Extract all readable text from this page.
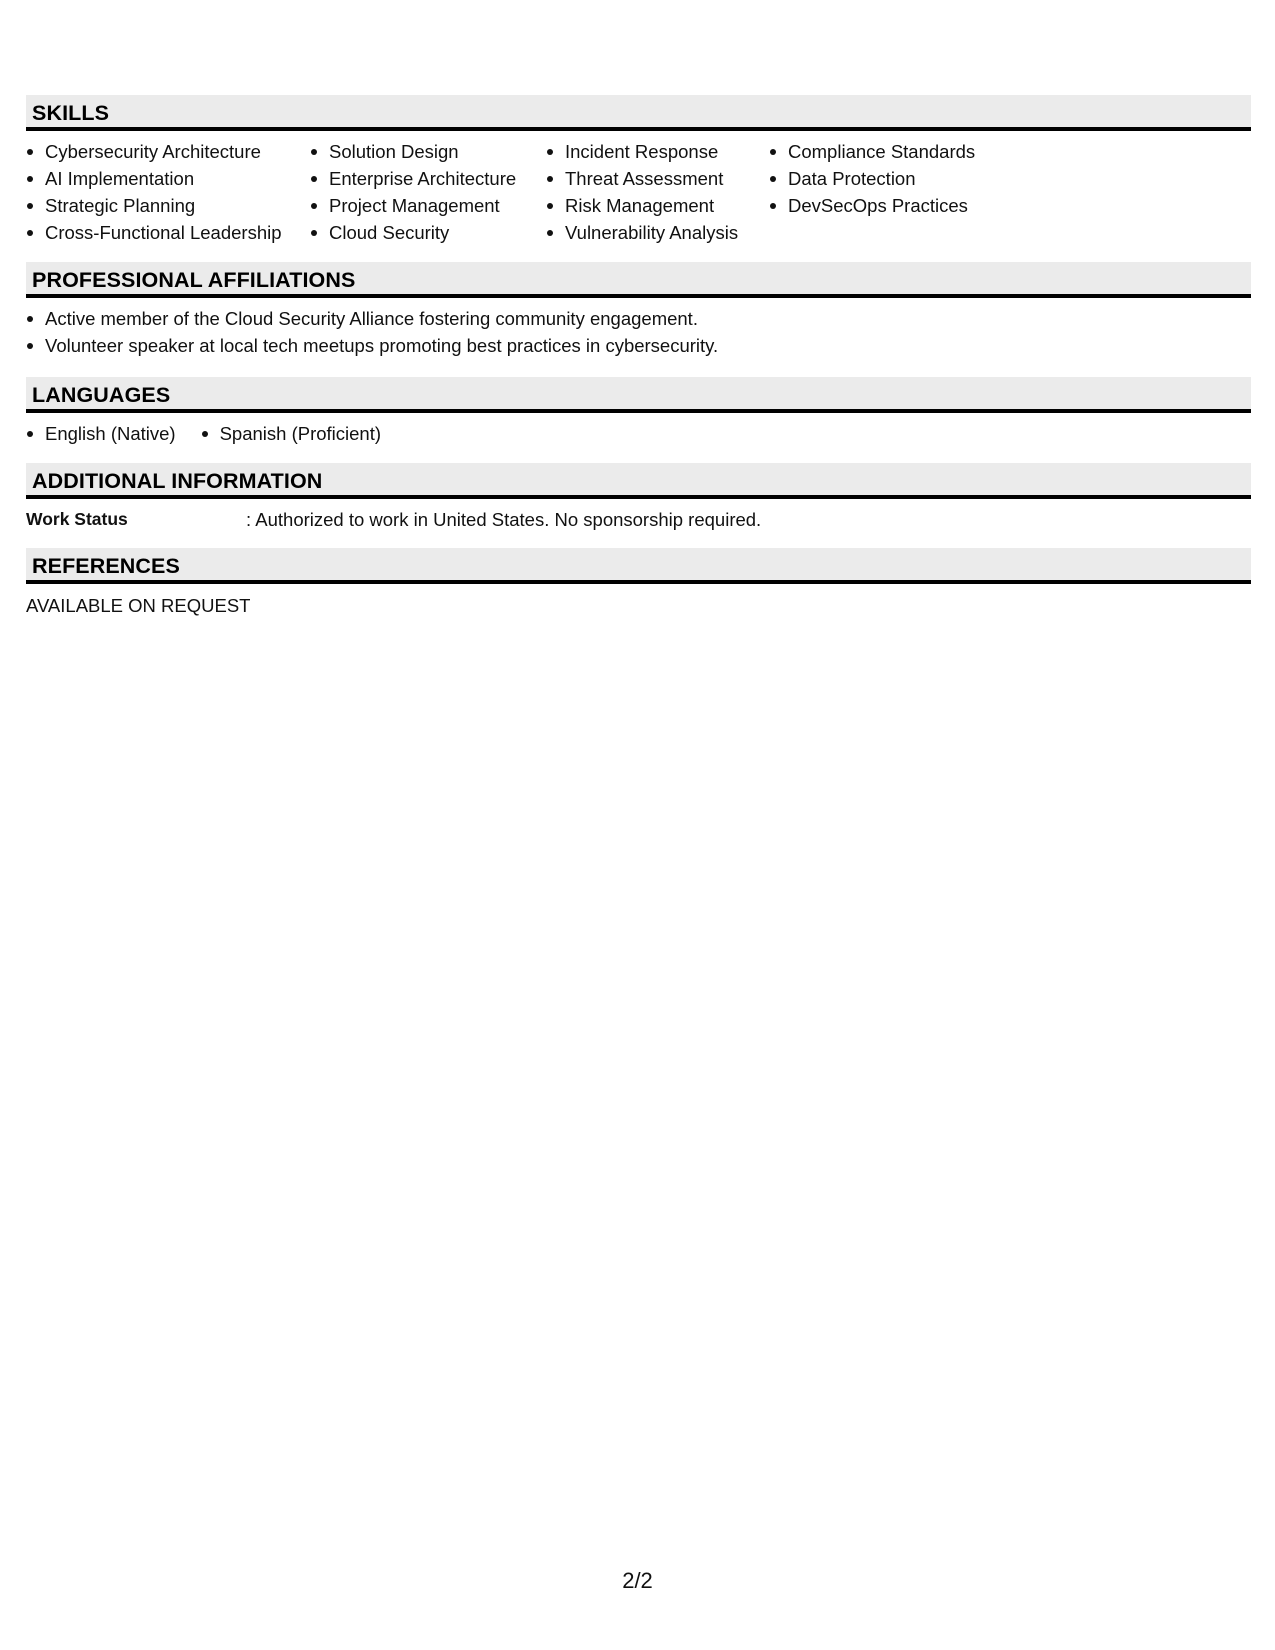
SKILLS
Cybersecurity Architecture
AI Implementation
Strategic Planning
Cross-Functional Leadership
Solution Design
Enterprise Architecture
Project Management
Cloud Security
Incident Response
Threat Assessment
Risk Management
Vulnerability Analysis
Compliance Standards
Data Protection
DevSecOps Practices
PROFESSIONAL AFFILIATIONS
Active member of the Cloud Security Alliance fostering community engagement.
Volunteer speaker at local tech meetups promoting best practices in cybersecurity.
LANGUAGES
English (Native)	Spanish (Proficient)
ADDITIONAL INFORMATION
Work Status	: Authorized to work in United States. No sponsorship required.
REFERENCES
AVAILABLE ON REQUEST
2/2
